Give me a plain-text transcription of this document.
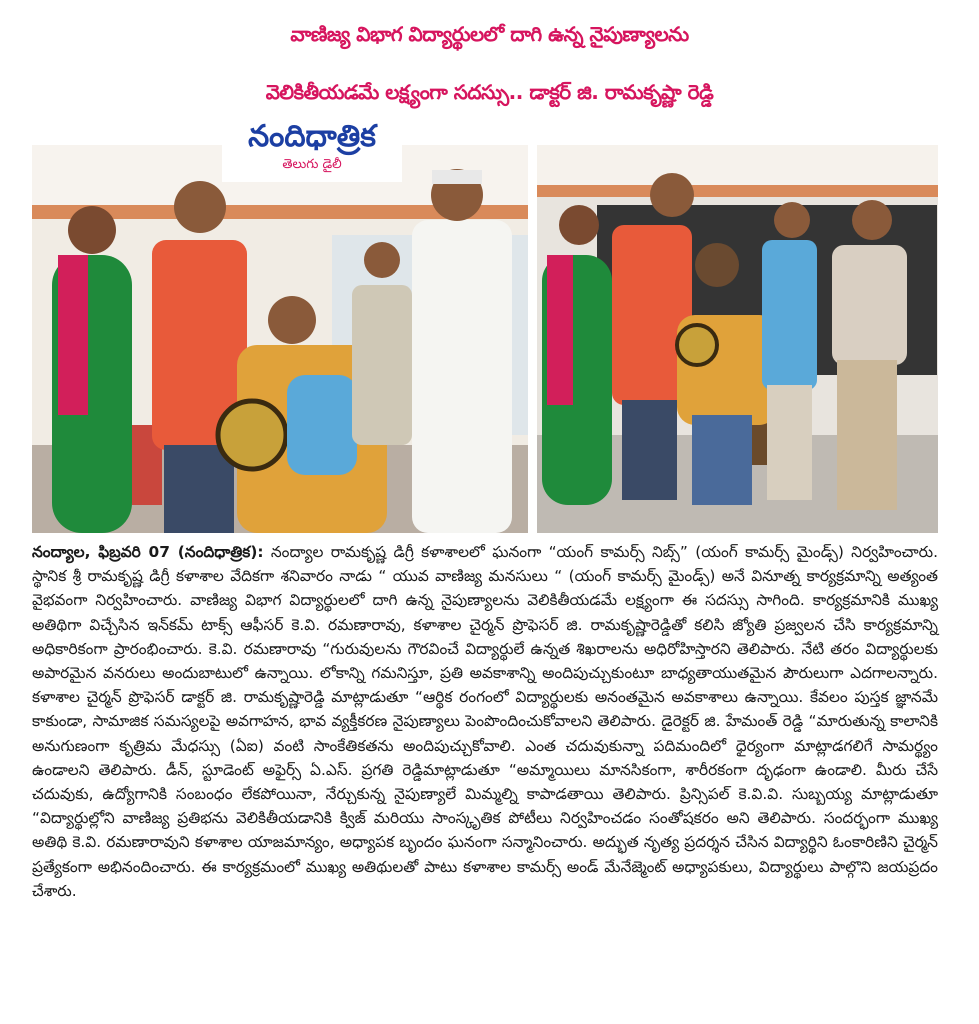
వాణిజ్య విభాగ విద్యార్థులలో దాగి ఉన్న నైపుణ్యాలను
వెలికితీయడమే లక్ష్యంగా సదస్సు.. డాక్టర్ జి. రామకృష్ణా రెడ్డి
నందిధాత్రిక
తెలుగు డైలీ
నంద్యాల, ఫిబ్రవరి 07 (నందిధాత్రిక): నంద్యాల రామకృష్ణ డిగ్రీ కళాశాలలో ఘనంగా “యంగ్ కామర్స్ నిబ్స్” (యంగ్ కామర్స్ మైండ్స్) నిర్వహించారు. స్థానిక శ్రీ రామకృష్ణ డిగ్రీ కళాశాల వేదికగా శనివారం నాడు “ యువ వాణిజ్య మనసులు “ (యంగ్ కామర్స్ మైండ్స్) అనే వినూత్న కార్యక్రమాన్ని అత్యంత వైభవంగా నిర్వహించారు. వాణిజ్య విభాగ విద్యార్థులలో దాగి ఉన్న నైపుణ్యాలను వెలికితీయడమే లక్ష్యంగా ఈ సదస్సు సాగింది. కార్యక్రమానికి ముఖ్య అతిథిగా విచ్చేసిన ఇన్‌కమ్ టాక్స్ ఆఫీసర్ కె.వి. రమణారావు, కళాశాల చైర్మన్ ప్రొఫెసర్ జి. రామకృష్ణారెడ్డితో కలిసి జ్యోతి ప్రజ్వలన చేసి కార్యక్రమాన్ని అధికారికంగా ప్రారంభించారు. కె.వి. రమణారావు “గురువులను గౌరవించే విద్యార్థులే ఉన్నత శిఖరాలను అధిరోహిస్తారని తెలిపారు. నేటి తరం విద్యార్థులకు అపారమైన వనరులు అందుబాటులో ఉన్నాయి. లోకాన్ని గమనిస్తూ, ప్రతి అవకాశాన్ని అందిపుచ్చుకుంటూ బాధ్యతాయుతమైన పౌరులుగా ఎదగాలన్నారు. కళాశాల చైర్మన్ ప్రొఫెసర్ డాక్టర్ జి. రామకృష్ణారెడ్డి మాట్లాడుతూ “ఆర్థిక రంగంలో విద్యార్థులకు అనంతమైన అవకాశాలు ఉన్నాయి. కేవలం పుస్తక జ్ఞానమే కాకుండా, సామాజిక సమస్యలపై అవగాహన, భావ వ్యక్తీకరణ నైపుణ్యాలు పెంపొందించుకోవాలని తెలిపారు. డైరెక్టర్ జి. హేమంత్ రెడ్డి “మారుతున్న కాలానికి అనుగుణంగా కృత్రిమ మేధస్సు (ఏఐ) వంటి సాంకేతికతను అందిపుచ్చుకోవాలి. ఎంత చదువుకున్నా పదిమందిలో ధైర్యంగా మాట్లాడగలిగే సామర్థ్యం ఉండాలని తెలిపారు. డీన్, స్టూడెంట్ అఫైర్స్ ఏ.ఎస్. ప్రగతి రెడ్డిమాట్లాడుతూ “అమ్మాయిలు మానసికంగా, శారీరకంగా దృఢంగా ఉండాలి. మీరు చేసే చదువుకు, ఉద్యోగానికి సంబంధం లేకపోయినా, నేర్చుకున్న నైపుణ్యాలే మిమ్మల్ని కాపాడతాయి తెలిపారు. ప్రిన్సిపల్ కె.వి.వి. సుబ్బయ్య మాట్లాడుతూ “విద్యార్థుల్లోని వాణిజ్య ప్రతిభను వెలికితీయడానికి క్విజ్ మరియు సాంస్కృతిక పోటీలు నిర్వహించడం సంతోషకరం అని తెలిపారు. సందర్భంగా ముఖ్య అతిథి కె.వి. రమణారావుని కళాశాల యాజమాన్యం, అధ్యాపక బృందం ఘనంగా సన్మానించారు. అద్భుత నృత్య ప్రదర్శన చేసిన విద్యార్థిని ఓంకారిణిని చైర్మన్ ప్రత్యేకంగా అభినందించారు. ఈ కార్యక్రమంలో ముఖ్య అతిథులతో పాటు కళాశాల కామర్స్ అండ్ మేనేజ్మెంట్ అధ్యాపకులు, విద్యార్థులు పాల్గొని జయప్రదం చేశారు.
